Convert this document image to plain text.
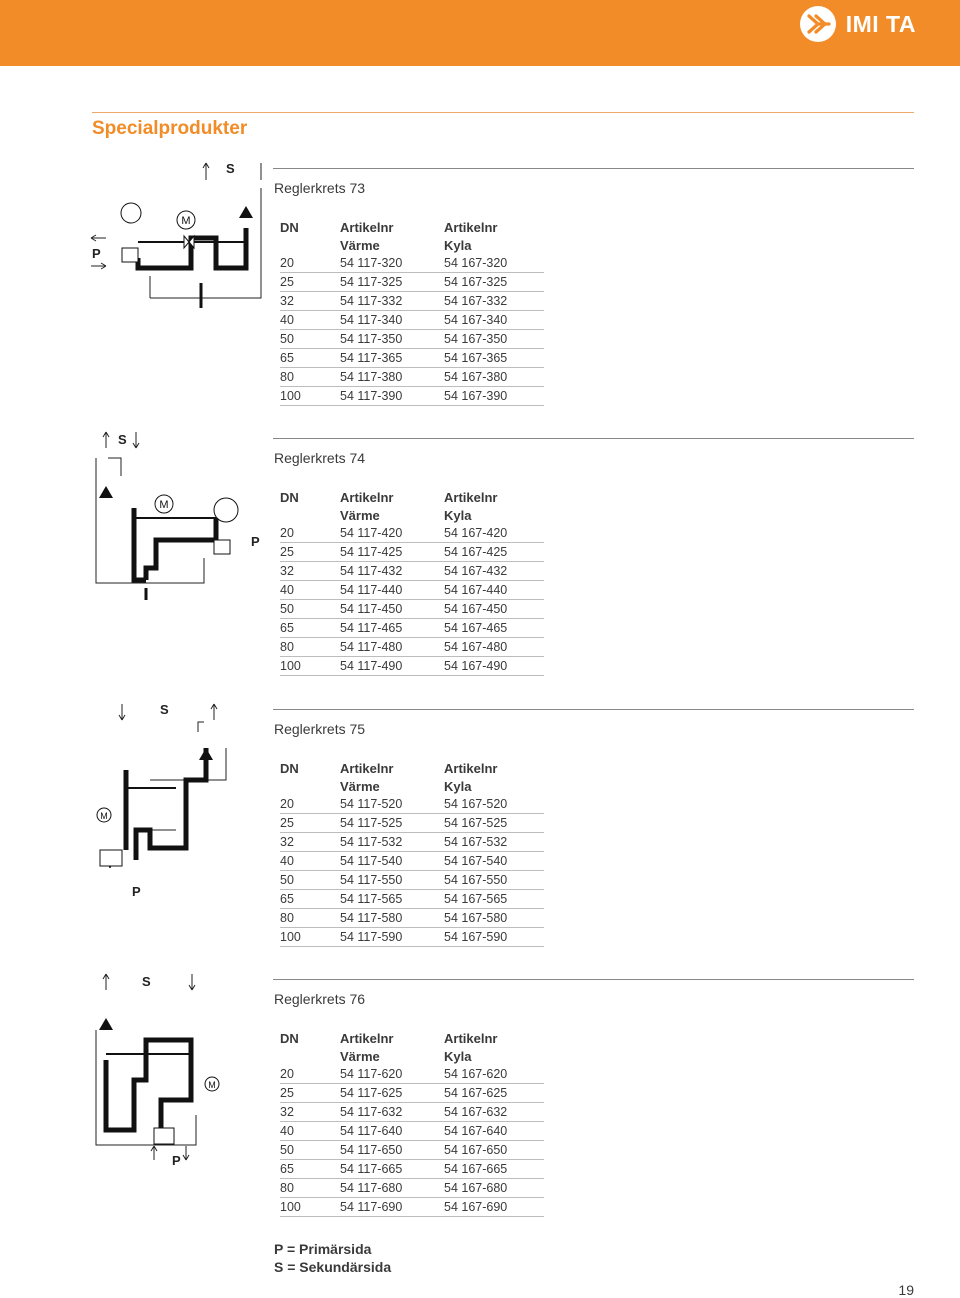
IMI TA
Specialprodukter
Reglerkrets 73
DN	Artikelnr	Artikelnr
	Värme	Kyla
20	54 117-320	54 167-320
25	54 117-325	54 167-325
32	54 117-332	54 167-332
40	54 117-340	54 167-340
50	54 117-350	54 167-350
65	54 117-365	54 167-365
80	54 117-380	54 167-380
100	54 117-390	54 167-390
Reglerkrets 74
DN	Artikelnr	Artikelnr
	Värme	Kyla
20	54 117-420	54 167-420
25	54 117-425	54 167-425
32	54 117-432	54 167-432
40	54 117-440	54 167-440
50	54 117-450	54 167-450
65	54 117-465	54 167-465
80	54 117-480	54 167-480
100	54 117-490	54 167-490
Reglerkrets 75
DN	Artikelnr	Artikelnr
	Värme	Kyla
20	54 117-520	54 167-520
25	54 117-525	54 167-525
32	54 117-532	54 167-532
40	54 117-540	54 167-540
50	54 117-550	54 167-550
65	54 117-565	54 167-565
80	54 117-580	54 167-580
100	54 117-590	54 167-590
Reglerkrets 76
DN	Artikelnr	Artikelnr
	Värme	Kyla
20	54 117-620	54 167-620
25	54 117-625	54 167-625
32	54 117-632	54 167-632
40	54 117-640	54 167-640
50	54 117-650	54 167-650
65	54 117-665	54 167-665
80	54 117-680	54 167-680
100	54 117-690	54 167-690
M
P
S
M
P
S
M
P
S
M
P
S
P = Primärsida
S = Sekundärsida
19
